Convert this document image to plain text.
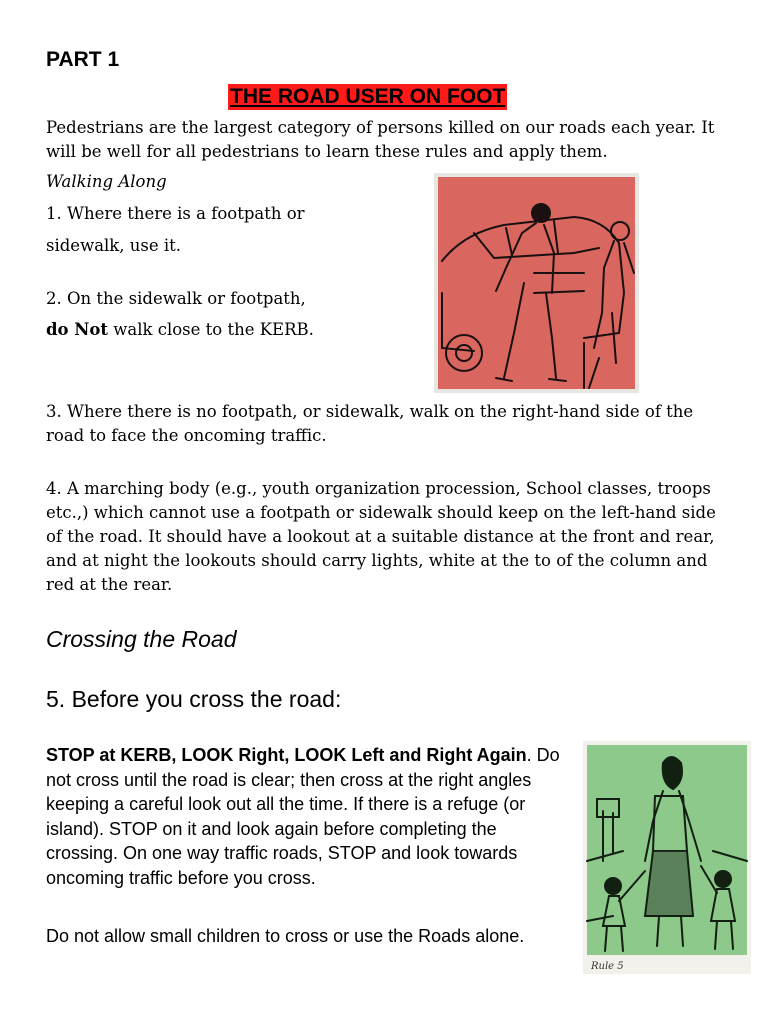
PART 1
THE ROAD USER ON FOOT
Pedestrians are the largest category of persons killed on our roads each year. It will be well for all pedestrians to learn these rules and apply them.
Walking Along
1. Where there is a footpath or
sidewalk, use it.
2. On the sidewalk or footpath,
do Not walk close to the KERB.
3. Where there is no footpath, or sidewalk, walk on the right-hand side of the road to face the oncoming traffic.
4. A marching body (e.g., youth organization procession, School classes, troops etc.,) which cannot use a footpath or sidewalk should keep on the left-hand side of the road. It should have a lookout at a suitable distance at the front and rear, and at night the lookouts should carry lights, white at the to of the column and red at the rear.
Crossing the Road
5. Before you cross the road:
STOP at KERB, LOOK Right, LOOK Left and Right Again. Do not cross until the road is clear; then cross at the right angles keeping a careful look out all the time. If there is a refuge (or island). STOP on it and look again before completing the crossing. On one way traffic roads, STOP and look towards oncoming traffic before you cross.
Do not allow small children to cross or use the Roads alone.
Rule 5
